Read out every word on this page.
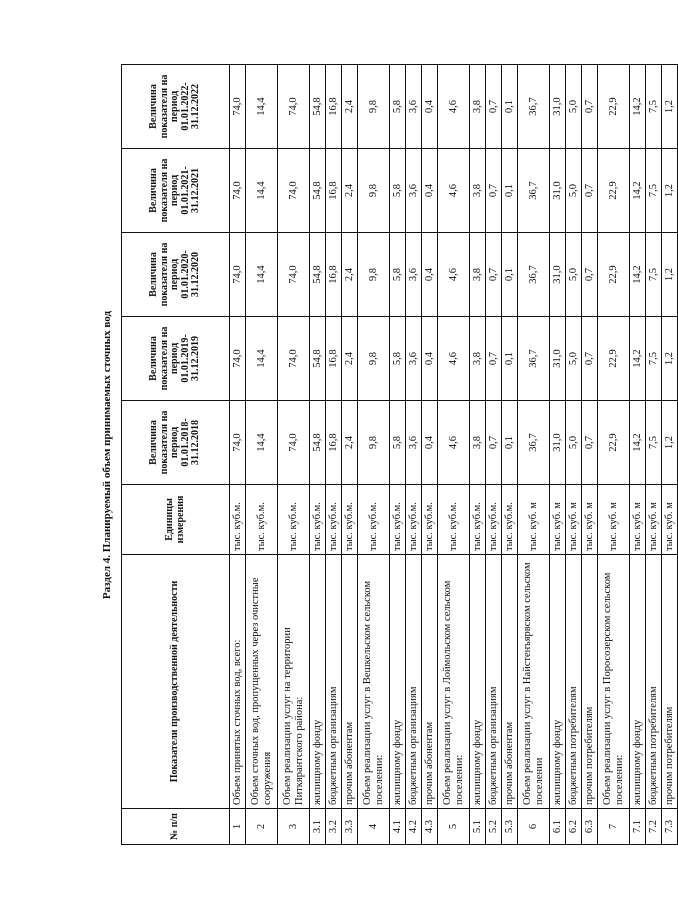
Раздел 4. Планируемый объем принимаемых сточных вод
№ п/п	Показатели производственной деятельности	Единицы измерения	Величина показателя на период 01.01.2018-31.12.2018	Величина показателя на период 01.01.2019-31.12.2019	Величина показателя на период 01.01.2020-31.12.2020	Величина показателя на период 01.01.2021-31.12.2021	Величина показателя на период 01.01.2022-31.12.2022
1	Объем принятых сточных вод, всего:	тыс. куб.м.	74,0	74,0	74,0	74,0	74,0
2	Объем сточных вод, пропущенных через очистные сооружения	тыс. куб.м.	14,4	14,4	14,4	14,4	14,4
3	Объем реализации услуг на территории Питкярантского района:	тыс. куб.м.	74,0	74,0	74,0	74,0	74,0
3.1	жилищному фонду	тыс. куб.м.	54,8	54,8	54,8	54,8	54,8
3.2	бюджетным организациям	тыс. куб.м.	16,8	16,8	16,8	16,8	16,8
3.3	прочим абонентам	тыс. куб.м.	2,4	2,4	2,4	2,4	2,4
4	Объем реализации услуг в Вешкельском сельском поселении:	тыс. куб.м.	9,8	9,8	9,8	9,8	9,8
4.1	жилищному фонду	тыс. куб.м.	5,8	5,8	5,8	5,8	5,8
4.2	бюджетным организациям	тыс. куб.м.	3,6	3,6	3,6	3,6	3,6
4.3	прочим абонентам	тыс. куб.м.	0,4	0,4	0,4	0,4	0,4
5	Объем реализации услуг в Лоймольском сельском поселении:	тыс. куб.м.	4,6	4,6	4,6	4,6	4,6
5.1	жилищному фонду	тыс. куб.м.	3,8	3,8	3,8	3,8	3,8
5.2	бюджетным организациям	тыс. куб.м.	0,7	0,7	0,7	0,7	0,7
5.3	прочим абонентам	тыс. куб.м.	0,1	0,1	0,1	0,1	0,1
6	Объем реализации услуг в Найстенъярвском сельском поселении	тыс. куб. м	36,7	36,7	36,7	36,7	36,7
6.1	жилищному фонду	тыс. куб. м	31,0	31,0	31,0	31,0	31,0
6.2	бюджетным потребителям	тыс. куб. м	5,0	5,0	5,0	5,0	5,0
6.3	прочим потребителям	тыс. куб. м	0,7	0,7	0,7	0,7	0,7
7	Объем реализации услуг в Поросозерском сельском поселении:	тыс. куб. м	22,9	22,9	22,9	22,9	22,9
7.1	жилищному фонду	тыс. куб. м	14,2	14,2	14,2	14,2	14,2
7.2	бюджетным потребителям	тыс. куб. м	7,5	7,5	7,5	7,5	7,5
7.3	прочим потребителям	тыс. куб. м	1,2	1,2	1,2	1,2	1,2
